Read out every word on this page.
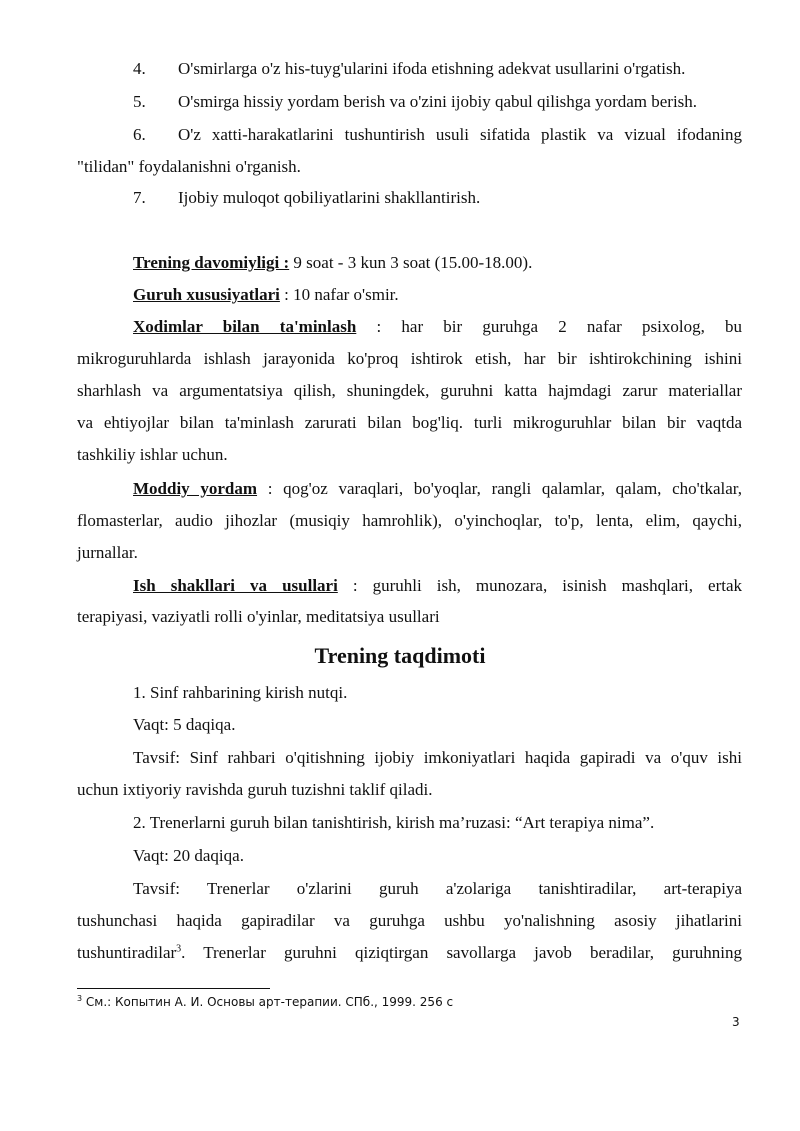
4. O'smirlarga o'z his-tuyg'ularini ifoda etishning adekvat usullarini o'rgatish.
5. O'smirga hissiy yordam berish va o'zini ijobiy qabul qilishga yordam berish.
6. O'z xatti-harakatlarini tushuntirish usuli sifatida plastik va vizual ifodaning
"tilidan" foydalanishni o'rganish.
7. Ijobiy muloqot qobiliyatlarini shakllantirish.
Trening davomiyligi : 9 soat - 3 kun 3 soat (15.00-18.00).
Guruh xususiyatlari : 10 nafar o'smir.
Xodimlar bilan ta'minlash : har bir guruhga 2 nafar psixolog, bu
mikroguruhlarda ishlash jarayonida ko'proq ishtirok etish, har bir ishtirokchining ishini
sharhlash va argumentatsiya qilish, shuningdek, guruhni katta hajmdagi zarur materiallar
va ehtiyojlar bilan ta'minlash zarurati bilan bog'liq. turli mikroguruhlar bilan bir vaqtda
tashkiliy ishlar uchun.
Moddiy yordam : qog'oz varaqlari, bo'yoqlar, rangli qalamlar, qalam, cho'tkalar,
flomasterlar, audio jihozlar (musiqiy hamrohlik), o'yinchoqlar, to'p, lenta, elim, qaychi,
jurnallar.
Ish shakllari va usullari : guruhli ish, munozara, isinish mashqlari, ertak
terapiyasi, vaziyatli rolli o'yinlar, meditatsiya usullari
Trening taqdimoti
1. Sinf rahbarining kirish nutqi.
Vaqt: 5 daqiqa.
Tavsif: Sinf rahbari o'qitishning ijobiy imkoniyatlari haqida gapiradi va o'quv ishi
uchun ixtiyoriy ravishda guruh tuzishni taklif qiladi.
2. Trenerlarni guruh bilan tanishtirish, kirish ma’ruzasi: “Art terapiya nima”.
Vaqt: 20 daqiqa.
Tavsif: Trenerlar o'zlarini guruh a'zolariga tanishtiradilar, art-terapiya
tushunchasi haqida gapiradilar va guruhga ushbu yo'nalishning asosiy jihatlarini
tushuntiradilar$^3$. Trenerlar guruhni qiziqtirgan savollarga javob beradilar, guruhning
$^3$ См.: Копытин А. И. Основы арт-терапии. СПб., 1999. 256 с
3
